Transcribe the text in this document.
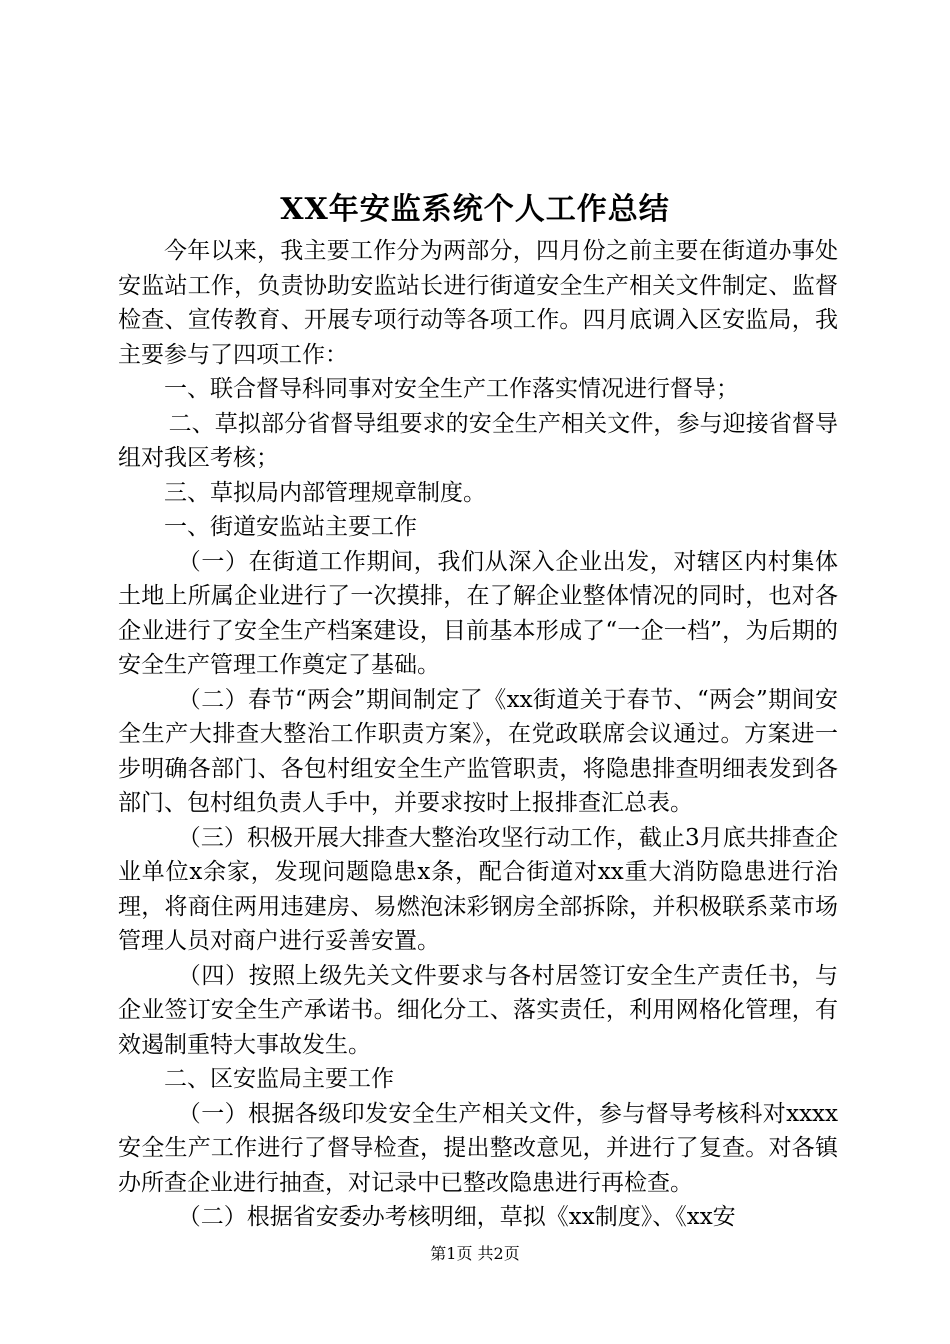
XX年安监系统个人工作总结

今年以来，我主要工作分为两部分，四月份之前主要在街道办事处安监站工作，负责协助安监站长进行街道安全生产相关文件制定、监督检查、宣传教育、开展专项行动等各项工作。四月底调入区安监局，我主要参与了四项工作：

一、联合督导科同事对安全生产工作落实情况进行督导；

二、草拟部分省督导组要求的安全生产相关文件，参与迎接省督导组对我区考核；

三、草拟局内部管理规章制度。

一、街道安监站主要工作

（一）在街道工作期间，我们从深入企业出发，对辖区内村集体土地上所属企业进行了一次摸排，在了解企业整体情况的同时，也对各企业进行了安全生产档案建设，目前基本形成了“一企一档”，为后期的安全生产管理工作奠定了基础。

（二）春节“两会”期间制定了《xx街道关于春节、“两会”期间安全生产大排查大整治工作职责方案》，在党政联席会议通过。方案进一步明确各部门、各包村组安全生产监管职责，将隐患排查明细表发到各部门、包村组负责人手中，并要求按时上报排查汇总表。

（三）积极开展大排查大整治攻坚行动工作，截止3月底共排查企业单位x余家，发现问题隐患x条，配合街道对xx重大消防隐患进行治理，将商住两用违建房、易燃泡沫彩钢房全部拆除，并积极联系菜市场管理人员对商户进行妥善安置。

（四）按照上级先关文件要求与各村居签订安全生产责任书，与企业签订安全生产承诺书。细化分工、落实责任，利用网格化管理，有效遏制重特大事故发生。

二、区安监局主要工作

（一）根据各级印发安全生产相关文件，参与督导考核科对xxxx安全生产工作进行了督导检查，提出整改意见，并进行了复查。对各镇办所查企业进行抽查，对记录中已整改隐患进行再检查。

（二）根据省安委办考核明细，草拟《xx制度》、《xx安

第1页 共2页
